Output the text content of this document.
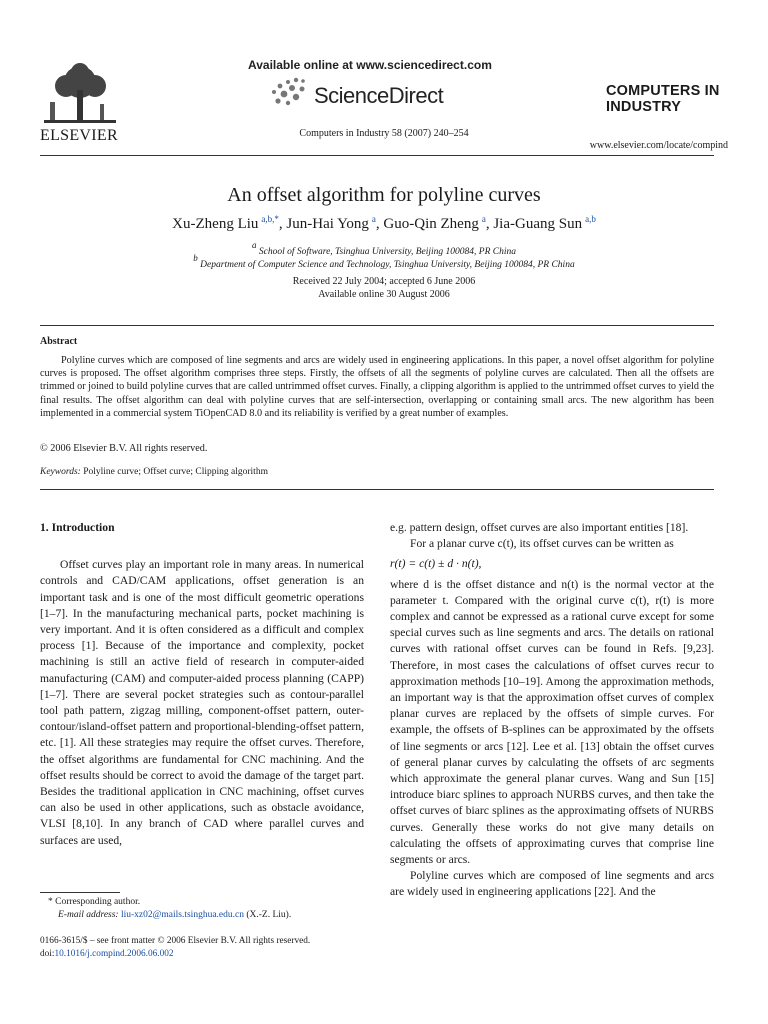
ELSEVIER
Available online at www.sciencedirect.com
ScienceDirect
Computers in Industry 58 (2007) 240–254
COMPUTERS IN
INDUSTRY
www.elsevier.com/locate/compind
An offset algorithm for polyline curves
Xu-Zheng Liu $^{a,b,*}$, Jun-Hai Yong $^a$, Guo-Qin Zheng $^a$, Jia-Guang Sun $^{a,b}$
$^a$ School of Software, Tsinghua University, Beijing 100084, PR China
$^b$ Department of Computer Science and Technology, Tsinghua University, Beijing 100084, PR China
Received 22 July 2004; accepted 6 June 2006
Available online 30 August 2006
Abstract
Polyline curves which are composed of line segments and arcs are widely used in engineering applications. In this paper, a novel offset algorithm for polyline curves is proposed. The offset algorithm comprises three steps. Firstly, the offsets of all the segments of polyline curves are calculated. Then all the offsets are trimmed or joined to build polyline curves that are called untrimmed offset curves. Finally, a clipping algorithm is applied to the untrimmed offset curves to yield the final results. The offset algorithm can deal with polyline curves that are self-intersection, overlapping or containing small arcs. The new algorithm has been implemented in a commercial system TiOpenCAD 8.0 and its reliability is verified by a great number of examples.
© 2006 Elsevier B.V. All rights reserved.
Keywords: Polyline curve; Offset curve; Clipping algorithm
1. Introduction

Offset curves play an important role in many areas. In numerical controls and CAD/CAM applications, offset generation is an important task and is one of the most difficult geometric operations [1–7]. In the manufacturing mechanical parts, pocket machining is very important. And it is often considered as a difficult and complex process [1]. Because of the importance and complexity, pocket machining is still an active field of research in computer-aided manufacturing (CAM) and computer-aided process planning (CAPP) [1–7]. There are several pocket strategies such as contour-parallel tool path pattern, zigzag milling, component-offset pattern, outer-contour/island-offset pattern and proportional-blending-offset pattern, etc. [1]. All these strategies may require the offset curves. Therefore, the offset algorithms are fundamental for CNC machining. And the offset results should be correct to avoid the damage of the target part. Besides the traditional application in CNC machining, offset curves can also be used in other applications, such as obstacle avoidance, VLSI [8,10]. In any branch of CAD where parallel curves and surfaces are used,

e.g. pattern design, offset curves are also important entities [18].

For a planar curve c(t), its offset curves can be written as

r(t) = c(t) ± d · n(t),

where d is the offset distance and n(t) is the normal vector at the parameter t. Compared with the original curve c(t), r(t) is more complex and cannot be expressed as a rational curve except for some special curves such as line segments and arcs. The details on rational curves with rational offset curves can be found in Refs. [9,23]. Therefore, in most cases the calculations of offset curves recur to approximation methods [10–19]. Among the approximation methods, an important way is that the approximation offset curves of complex planar curves are replaced by the offsets of simple curves. For example, the offsets of B-splines can be approximated by the offsets of line segments or arcs [12]. Lee et al. [13] obtain the offset curves of general planar curves by calculating the offsets of arc segments which approximate the general planar curves. Wang and Sun [15] introduce biarc splines to approach NURBS curves, and then take the offset curves of biarc splines as the approximating offsets of NURBS curves. Generally these works do not give many details on calculating the offsets of approximating curves that comprise line segments or arcs.

Polyline curves which are composed of line segments and arcs are widely used in engineering applications [22]. And the

* Corresponding author.
E-mail address: liu-xz02@mails.tsinghua.edu.cn (X.-Z. Liu).
0166-3615/$ – see front matter © 2006 Elsevier B.V. All rights reserved.
doi:10.1016/j.compind.2006.06.002
